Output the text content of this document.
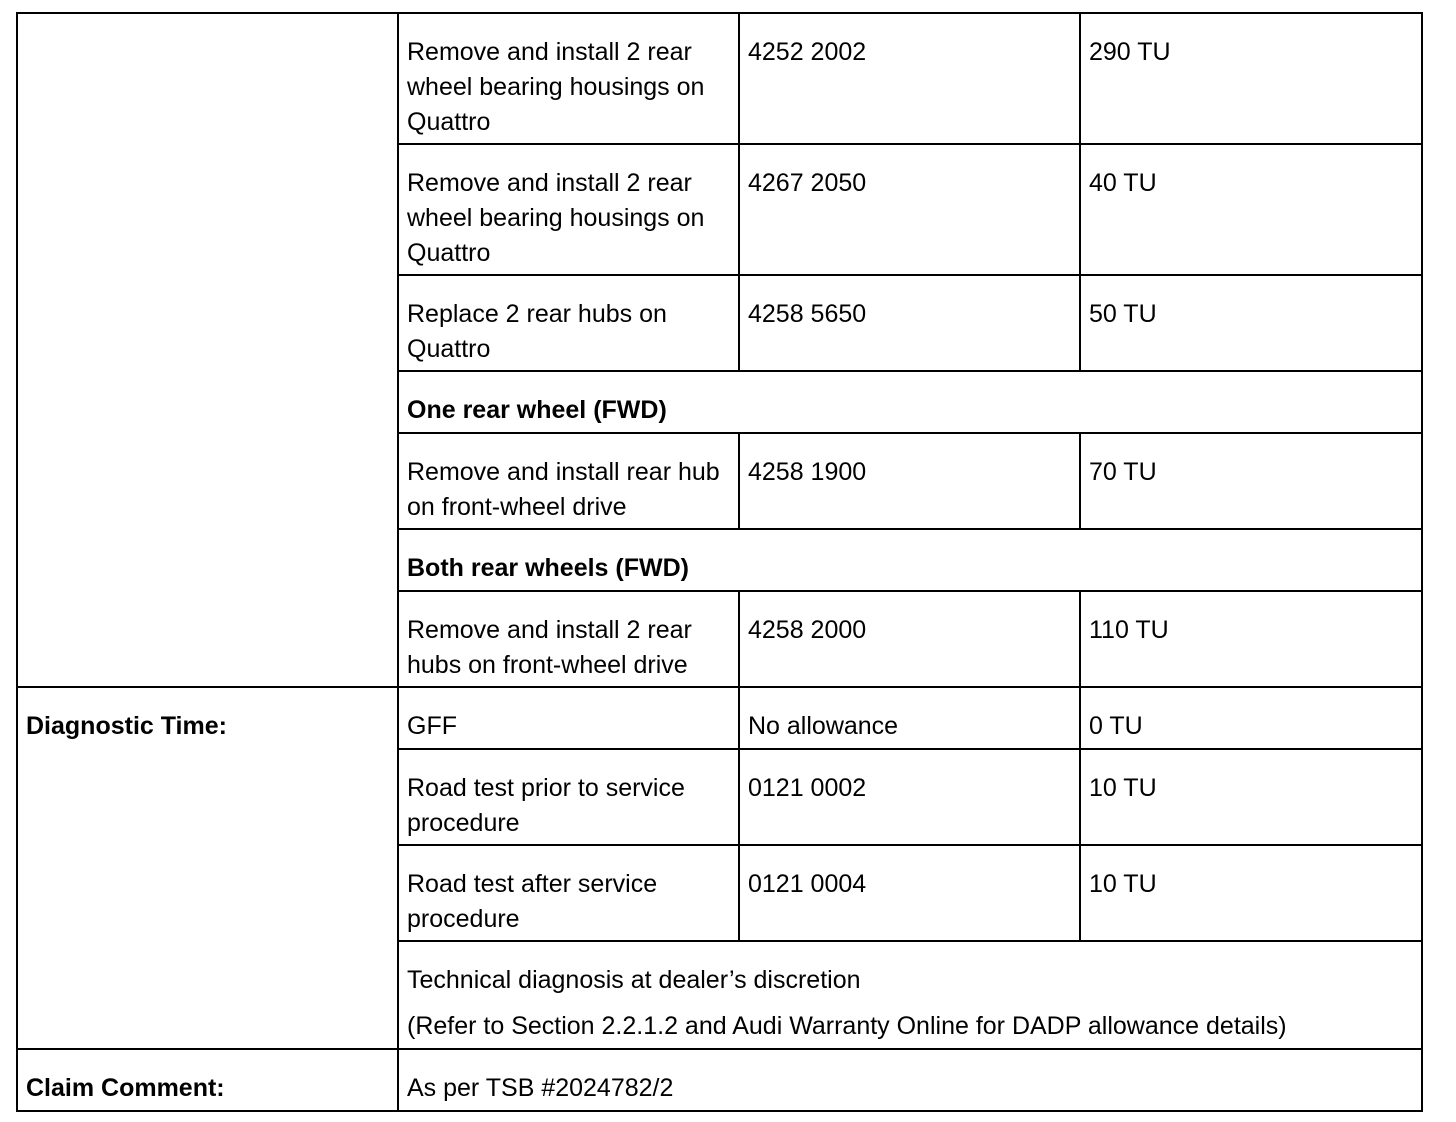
	Remove and install 2 rear wheel bearing housings on Quattro	4252 2002	290 TU
	Remove and install 2 rear wheel bearing housings on Quattro	4267 2050	40 TU
	Replace 2 rear hubs on Quattro	4258 5650	50 TU
	One rear wheel (FWD)		
	Remove and install rear hub on front-wheel drive	4258 1900	70 TU
	Both rear wheels (FWD)		
	Remove and install 2 rear hubs on front-wheel drive	4258 2000	110 TU
Diagnostic Time:	GFF	No allowance	0 TU
	Road test prior to service procedure	0121 0002	10 TU
	Road test after service procedure	0121 0004	10 TU

	Technical diagnosis at dealer’s discretion
(Refer to Section 2.2.1.2 and Audi Warranty Online for DADP allowance details)		

Claim Comment:	As per TSB #2024782/2		
